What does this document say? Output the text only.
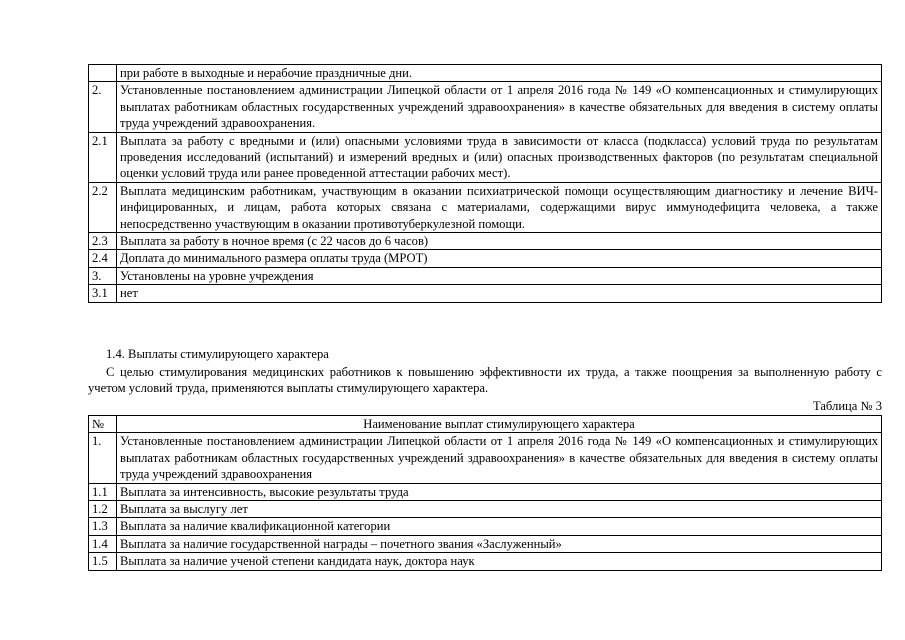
	при работе в выходные и нерабочие праздничные дни.
2.	Установленные постановлением администрации Липецкой области от 1 апреля 2016 года № 149 «О компенсационных и стимулирующих выплатах работникам областных государственных учреждений здравоохранения» в качестве обязательных для введения в систему оплаты труда учреждений здравоохранения.
2.1	Выплата за работу с вредными и (или) опасными условиями труда в зависимости от класса (подкласса) условий труда по результатам проведения исследований (испытаний) и измерений вредных и (или) опасных производственных факторов (по результатам специальной оценки условий труда или ранее проведенной аттестации рабочих мест).
2.2	Выплата медицинским работникам, участвующим в оказании психиатрической помощи осуществляющим диагностику и лечение ВИЧ-инфицированных, и лицам, работа которых связана с материалами, содержащими вирус иммунодефицита человека, а также непосредственно участвующим в оказании противотуберкулезной помощи.
2.3	Выплата за работу в ночное время (с 22 часов до 6 часов)
2.4	Доплата до минимального размера оплаты труда (МРОТ)
3.	Установлены на уровне учреждения
3.1	нет

1.4. Выплаты стимулирующего характера

С целью стимулирования медицинских работников к повышению эффективности их труда, а также поощрения за выполненную работу с учетом условий труда, применяются выплаты стимулирующего характера.

Таблица № 3

№	Наименование выплат стимулирующего характера
1.	Установленные постановлением администрации Липецкой области от 1 апреля 2016 года № 149 «О компенсационных и стимулирующих выплатах работникам областных государственных учреждений здравоохранения» в качестве обязательных для введения в систему оплаты труда учреждений здравоохранения
1.1	Выплата за интенсивность, высокие результаты труда
1.2	Выплата за выслугу лет
1.3	Выплата за наличие квалификационной категории
1.4	Выплата за наличие государственной награды – почетного звания «Заслуженный»
1.5	Выплата за наличие ученой степени кандидата наук, доктора наук
